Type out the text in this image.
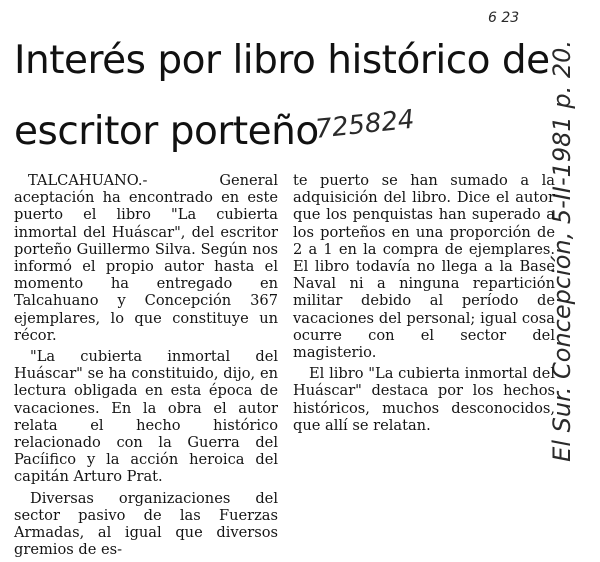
Interés por libro histórico de
escritor porteño
6 23
725824	El Sur. Concepción, 5-II-1981 p. 20.

TALCAHUANO.- General aceptación ha encontrado en este puerto el libro "La cubierta inmortal del Huáscar", del escritor porteño Guillermo Silva. Según nos informó el propio autor hasta el momento ha entregado en Talcahuano y Concepción 367 ejemplares, lo que constituye un récor.

"La cubierta inmortal del Huáscar" se ha constituido, dijo, en lectura obligada en esta época de vacaciones. En la obra el autor relata el hecho histórico relacionado con la Guerra del Pacíifico y la acción heroica del capitán Arturo Prat.

Diversas organizaciones del sector pasivo de las Fuerzas Armadas, al igual que diversos gremios de es-

te puerto se han sumado a la adquisición del libro. Dice el autor que los penquistas han superado a los porteños en una proporción de 2 a 1 en la compra de ejemplares. El libro todavía no llega a la Base Naval ni a ninguna repartición militar debido al período de vacaciones del personal; igual cosa ocurre con el sector del magisterio.

El libro "La cubierta inmortal del Huáscar" destaca por los hechos históricos, muchos desconocidos, que allí se relatan.
